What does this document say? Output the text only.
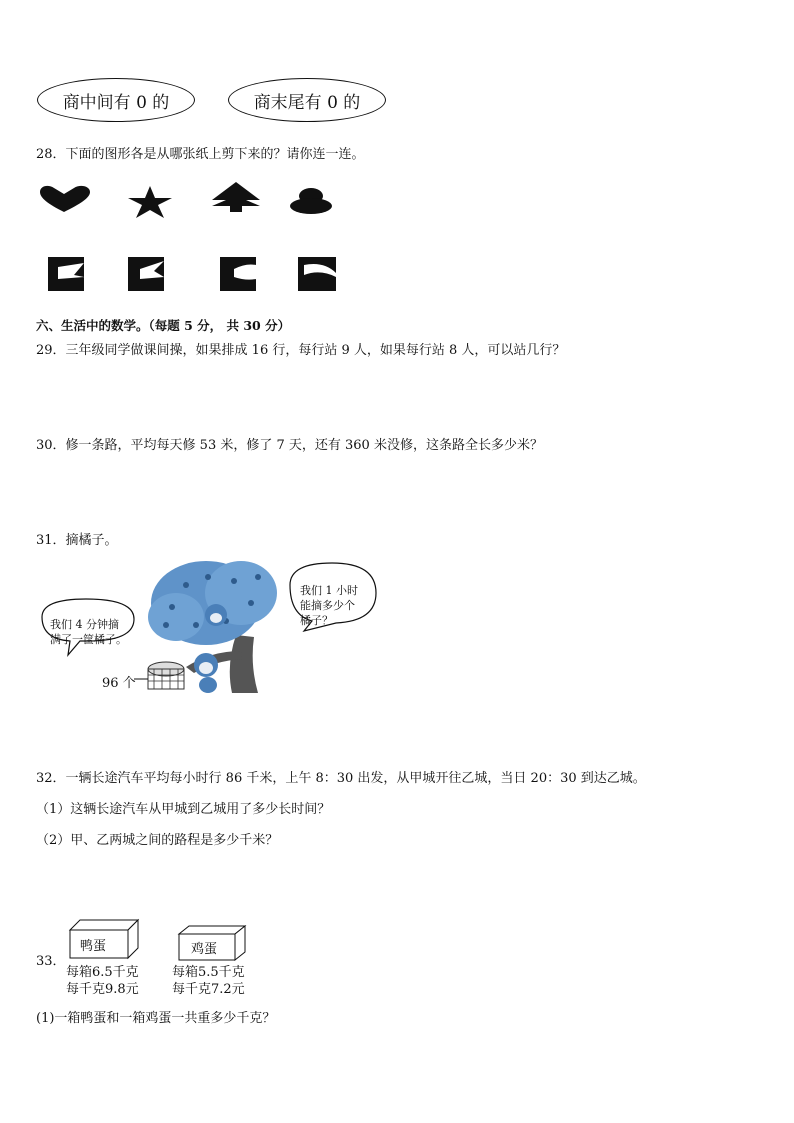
商中间有 0 的	商末尾有 0 的
28．下面的图形各是从哪张纸上剪下来的？请你连一连。
六、生活中的数学。（每题 5 分， 共 30 分）
29．三年级同学做课间操，如果排成 16 行，每行站 9 人，如果每行站 8 人，可以站几行？
30．修一条路，平均每天修 53 米，修了 7 天，还有 360 米没修，这条路全长多少米？
31．摘橘子。
我们 4 分钟摘
满了一筐橘子。
我们 1 小时
能摘多少个
橘子？
96 个
32．一辆长途汽车平均每小时行 86 千米，上午 8：30 出发，从甲城开往乙城，当日 20：30 到达乙城。
（1）这辆长途汽车从甲城到乙城用了多少长时间？
（2）甲、乙两城之间的路程是多少千米？
33．
鸭蛋
每箱6.5千克
每千克9.8元
鸡蛋
每箱5.5千克
每千克7.2元
(1)一箱鸭蛋和一箱鸡蛋一共重多少千克？
